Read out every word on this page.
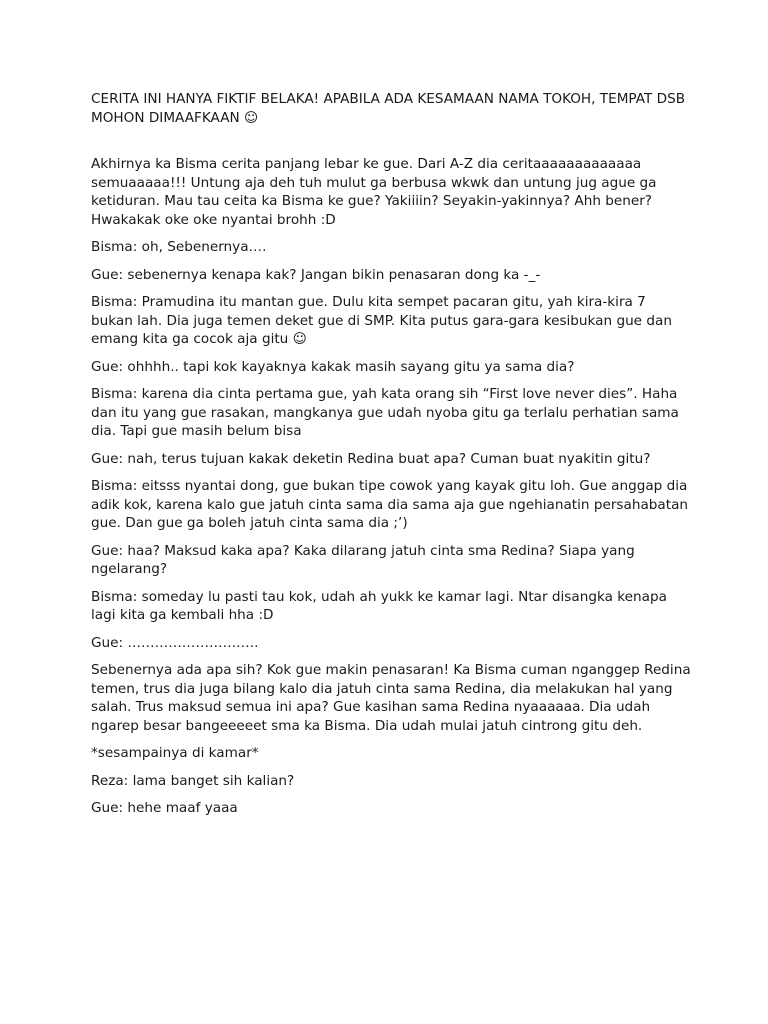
CERITA INI HANYA FIKTIF BELAKA! APABILA ADA KESAMAAN NAMA TOKOH, TEMPAT DSB MOHON DIMAAFKAAN ☺

Akhirnya ka Bisma cerita panjang lebar ke gue. Dari A-Z dia ceritaaaaaaaaaaaaa semuaaaaa!!! Untung aja deh tuh mulut ga berbusa wkwk dan untung jug ague ga ketiduran. Mau tau ceita ka Bisma ke gue? Yakiiiin? Seyakin-yakinnya? Ahh bener? Hwakakak oke oke nyantai brohh :D

Bisma: oh, Sebenernya….

Gue: sebenernya kenapa kak? Jangan bikin penasaran dong ka -_-

Bisma: Pramudina itu mantan gue. Dulu kita sempet pacaran gitu, yah kira-kira 7 bukan lah. Dia juga temen deket gue di SMP. Kita putus gara-gara kesibukan gue dan emang kita ga cocok aja gitu ☺

Gue: ohhhh.. tapi kok kayaknya kakak masih sayang gitu ya sama dia?

Bisma: karena dia cinta pertama gue, yah kata orang sih “First love never dies”. Haha dan itu yang gue rasakan, mangkanya gue udah nyoba gitu ga terlalu perhatian sama dia. Tapi gue masih belum bisa

Gue: nah, terus tujuan kakak deketin Redina buat apa? Cuman buat nyakitin gitu?

Bisma: eitsss nyantai dong, gue bukan tipe cowok yang kayak gitu loh. Gue anggap dia adik kok, karena kalo gue jatuh cinta sama dia sama aja gue ngehianatin persahabatan gue. Dan gue ga boleh jatuh cinta sama dia ;’)

Gue: haa? Maksud kaka apa? Kaka dilarang jatuh cinta sma Redina? Siapa yang ngelarang?

Bisma: someday lu pasti tau kok, udah ah yukk ke kamar lagi. Ntar disangka kenapa lagi kita ga kembali hha :D

Gue: ………………………..

Sebenernya ada apa sih? Kok gue makin penasaran! Ka Bisma cuman nganggep Redina temen, trus dia juga bilang kalo dia jatuh cinta sama Redina, dia melakukan hal yang salah. Trus maksud semua ini apa? Gue kasihan sama Redina nyaaaaaa. Dia udah ngarep besar bangeeeeet sma ka Bisma. Dia udah mulai jatuh cintrong gitu deh.

*sesampainya di kamar*

Reza: lama banget sih kalian?

Gue: hehe maaf yaaa
